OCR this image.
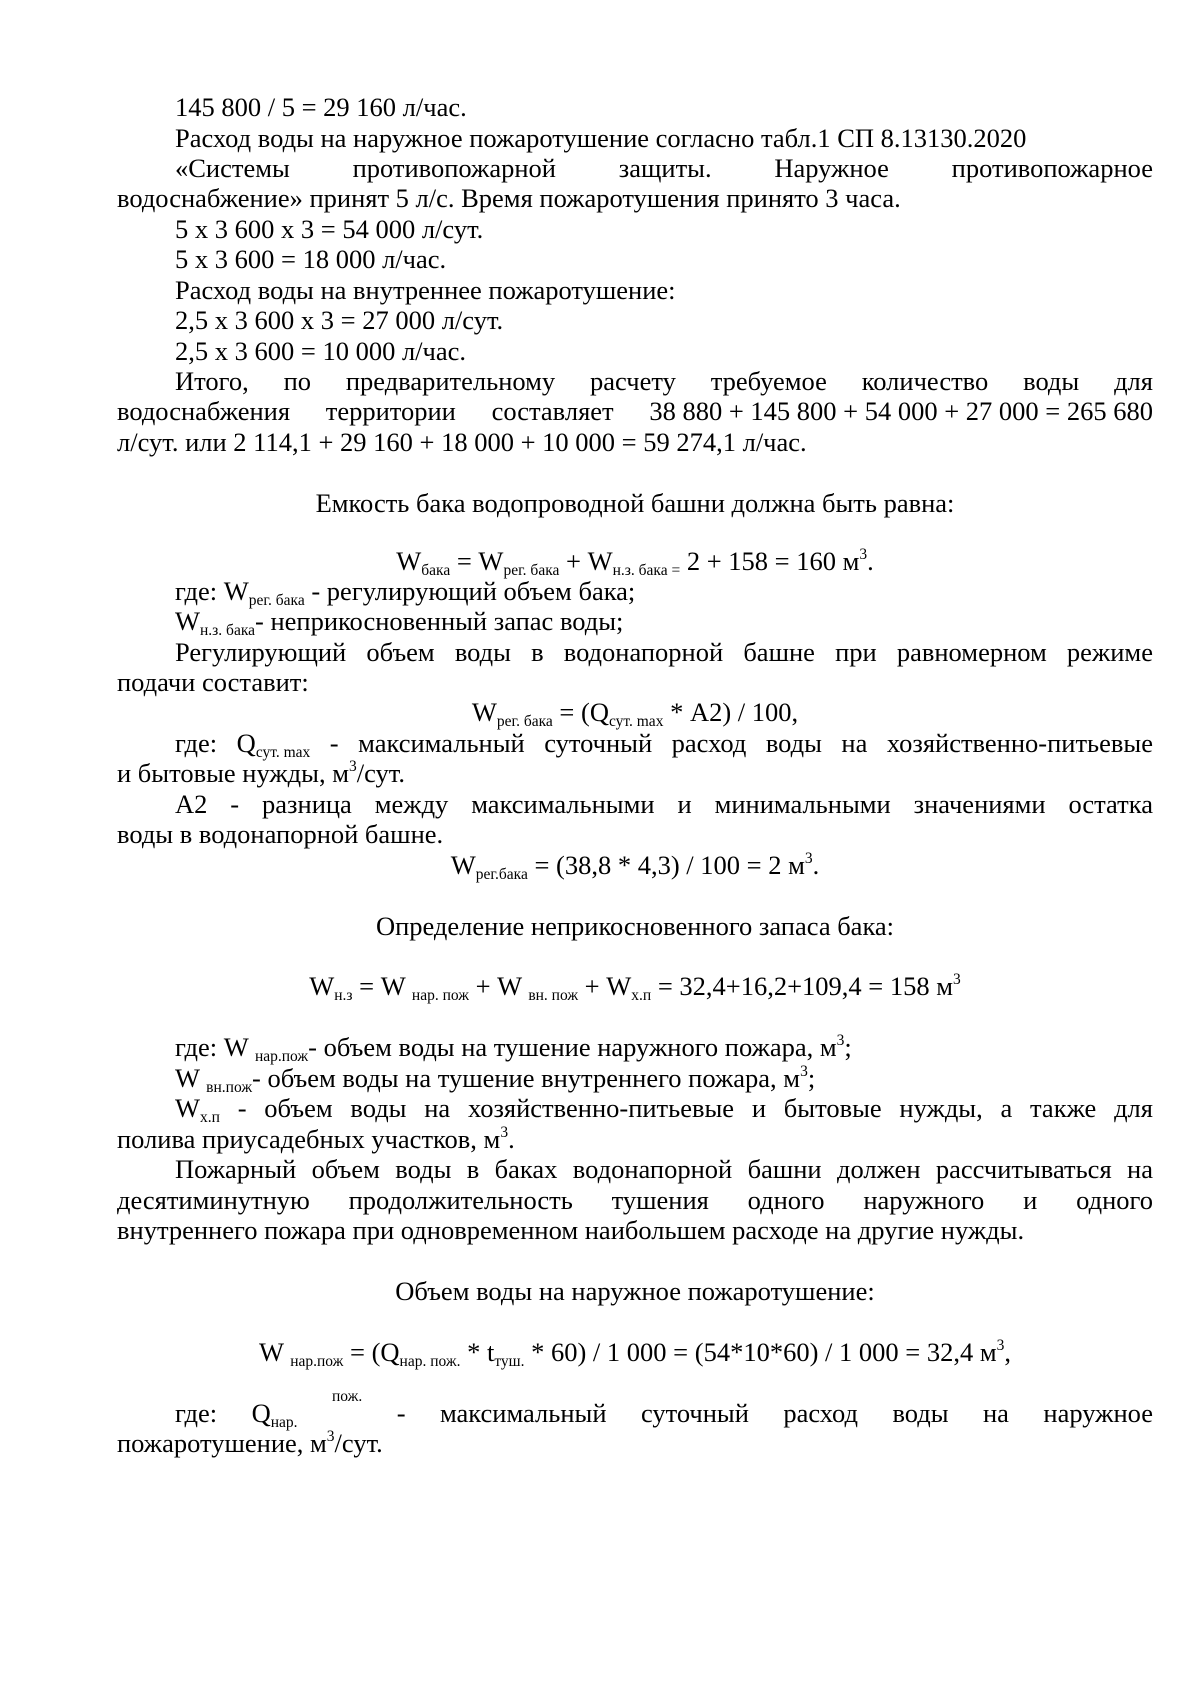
145 800 / 5 = 29 160 л/час.
Расход воды на наружное пожаротушение согласно табл.1 СП 8.13130.2020
«Системы противопожарной защиты. Наружное противопожарное
водоснабжение» принят 5 л/с. Время пожаротушения принято 3 часа.
5 х 3 600 х 3 = 54 000 л/сут.
5 х 3 600 = 18 000 л/час.
Расход воды на внутреннее пожаротушение:
2,5 х 3 600 х 3 = 27 000 л/сут.
2,5 х 3 600 = 10 000 л/час.
Итого, по предварительному расчету требуемое количество воды для
водоснабжения территории составляет 38 880 + 145 800 + 54 000 + 27 000 = 265 680
л/сут. или 2 114,1 + 29 160 + 18 000 + 10 000 = 59 274,1 л/час.
Емкость бака водопроводной башни должна быть равна:
$W_{бака} = W_{рег. бака} + W_{н.з. бака =}$ 2 + 158 = 160 $м^3$.
где: $W_{рег. бака}$ - регулирующий объем бака;
$W_{н.з. бака}-$ неприкосновенный запас воды;
Регулирующий объем воды в водонапорной башне при равномерном режиме
подачи составит:
$W_{рег. бака} = (Q_{сут. max} * А2) / 100$,
где: $Q_{сут. max}$ - максимальный суточный расход воды на хозяйственно-питьевые
и бытовые нужды, $м^3$/сут.
А2 - разница между максимальными и минимальными значениями остатка
воды в водонапорной башне.
$W_{рег.бака} = (38,8 * 4,3) / 100 = 2$ $м^3$.
Определение неприкосновенного запаса бака:
$W_{н.з} = W$ $_{нар. пож}$ + W $_{вн. пож} + W_{х.п} = 32,4+16,2+109,4 = 158$ $м^3$
где: W $_{нар.пож}$- объем воды на тушение наружного пожара, $м^3$;
W $_{вн.пож}$- объем воды на тушение внутреннего пожара, $м^3$;
$W_{х.п}$ - объем воды на хозяйственно-питьевые и бытовые нужды, а также для
полива приусадебных участков, $м^3$.
Пожарный объем воды в баках водонапорной башни должен рассчитываться на
десятиминутную продолжительность тушения одного наружного и одного
внутреннего пожара при одновременном наибольшем расходе на другие нужды.
Объем воды на наружное пожаротушение:
W $_{нар.пож} = (Q_{нар. пож.} * t_{туш.} * 60) / 1$ 000 = (54*10*60) / 1 000 = 32,4 $м^3$,
где: $Q_{нар.}$
пож.
- максимальный суточный расход воды на наружное
пожаротушение, $м^3$/сут.
